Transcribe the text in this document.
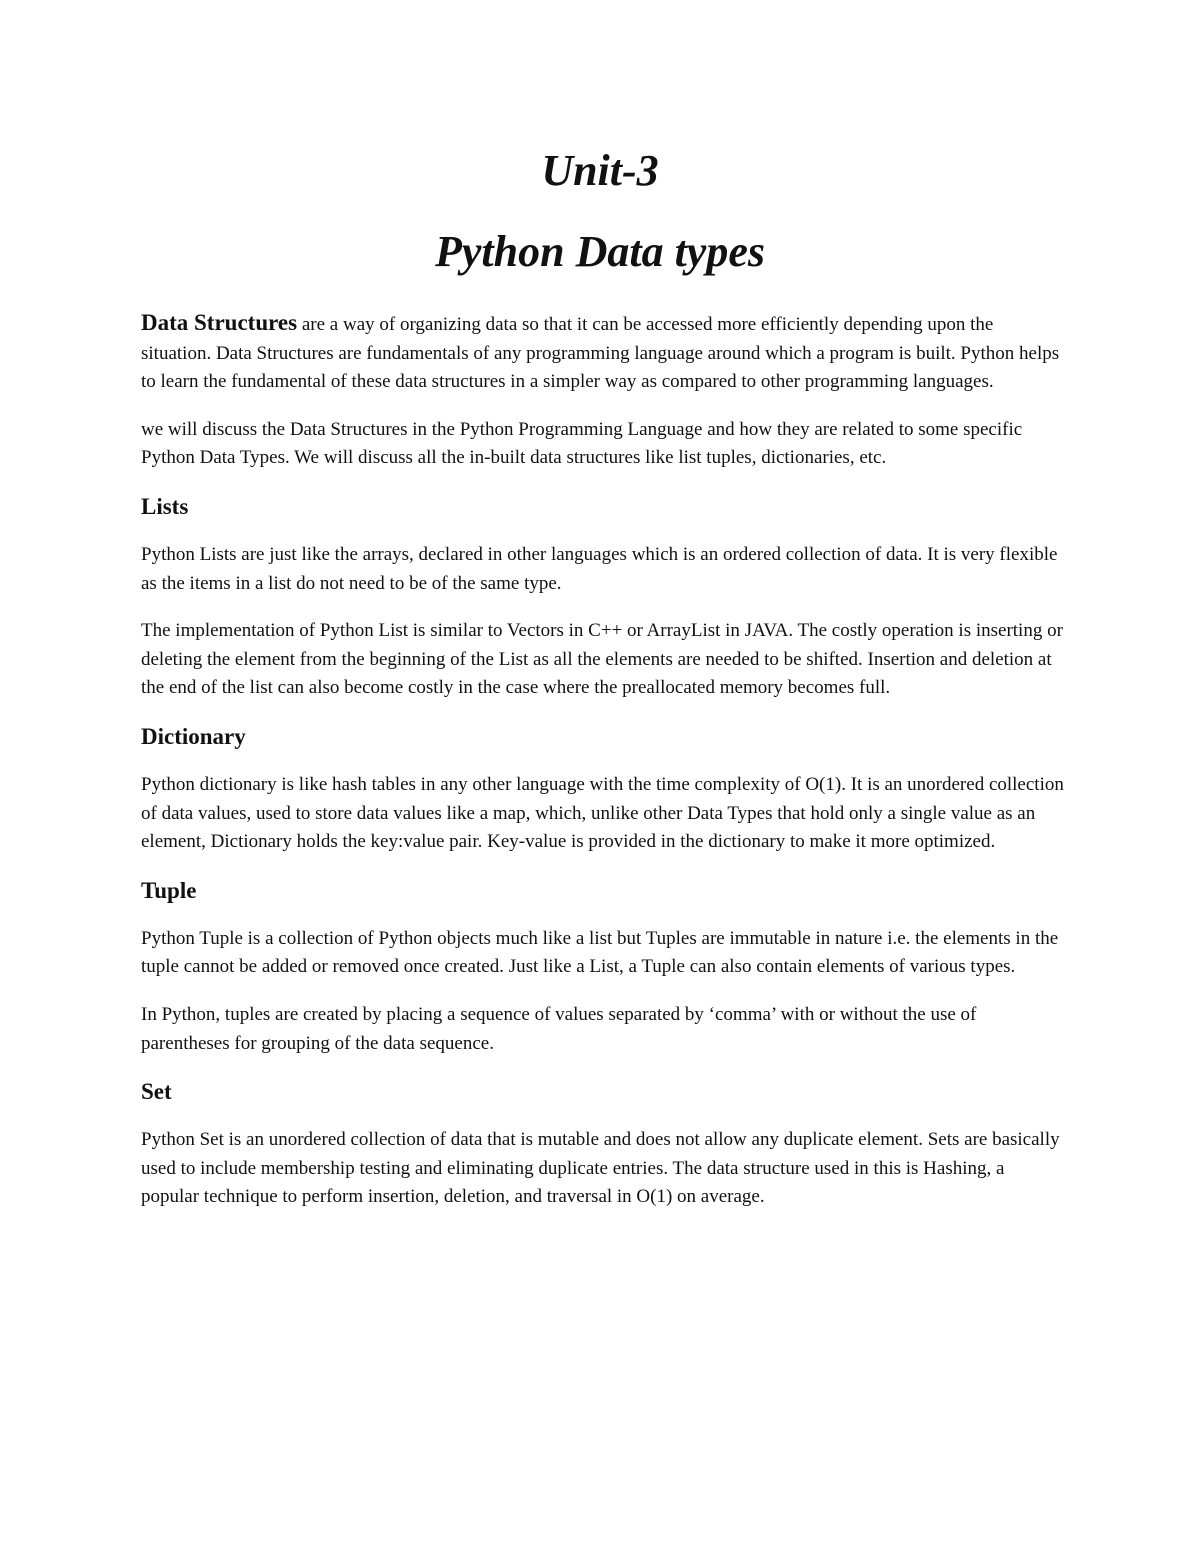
Unit-3
Python Data types

Data Structures are a way of organizing data so that it can be accessed more efficiently depending upon the situation. Data Structures are fundamentals of any programming language around which a program is built. Python helps to learn the fundamental of these data structures in a simpler way as compared to other programming languages.

we will discuss the Data Structures in the Python Programming Language and how they are related to some specific Python Data Types. We will discuss all the in-built data structures like list tuples, dictionaries, etc.

Lists

Python Lists are just like the arrays, declared in other languages which is an ordered collection of data. It is very flexible as the items in a list do not need to be of the same type.

The implementation of Python List is similar to Vectors in C++ or ArrayList in JAVA. The costly operation is inserting or deleting the element from the beginning of the List as all the elements are needed to be shifted. Insertion and deletion at the end of the list can also become costly in the case where the preallocated memory becomes full.

Dictionary

Python dictionary is like hash tables in any other language with the time complexity of O(1). It is an unordered collection of data values, used to store data values like a map, which, unlike other Data Types that hold only a single value as an element, Dictionary holds the key:value pair. Key-value is provided in the dictionary to make it more optimized.

Tuple

Python Tuple is a collection of Python objects much like a list but Tuples are immutable in nature i.e. the elements in the tuple cannot be added or removed once created. Just like a List, a Tuple can also contain elements of various types.

In Python, tuples are created by placing a sequence of values separated by ‘comma’ with or without the use of parentheses for grouping of the data sequence.

Set

Python Set is an unordered collection of data that is mutable and does not allow any duplicate element. Sets are basically used to include membership testing and eliminating duplicate entries. The data structure used in this is Hashing, a popular technique to perform insertion, deletion, and traversal in O(1) on average.
